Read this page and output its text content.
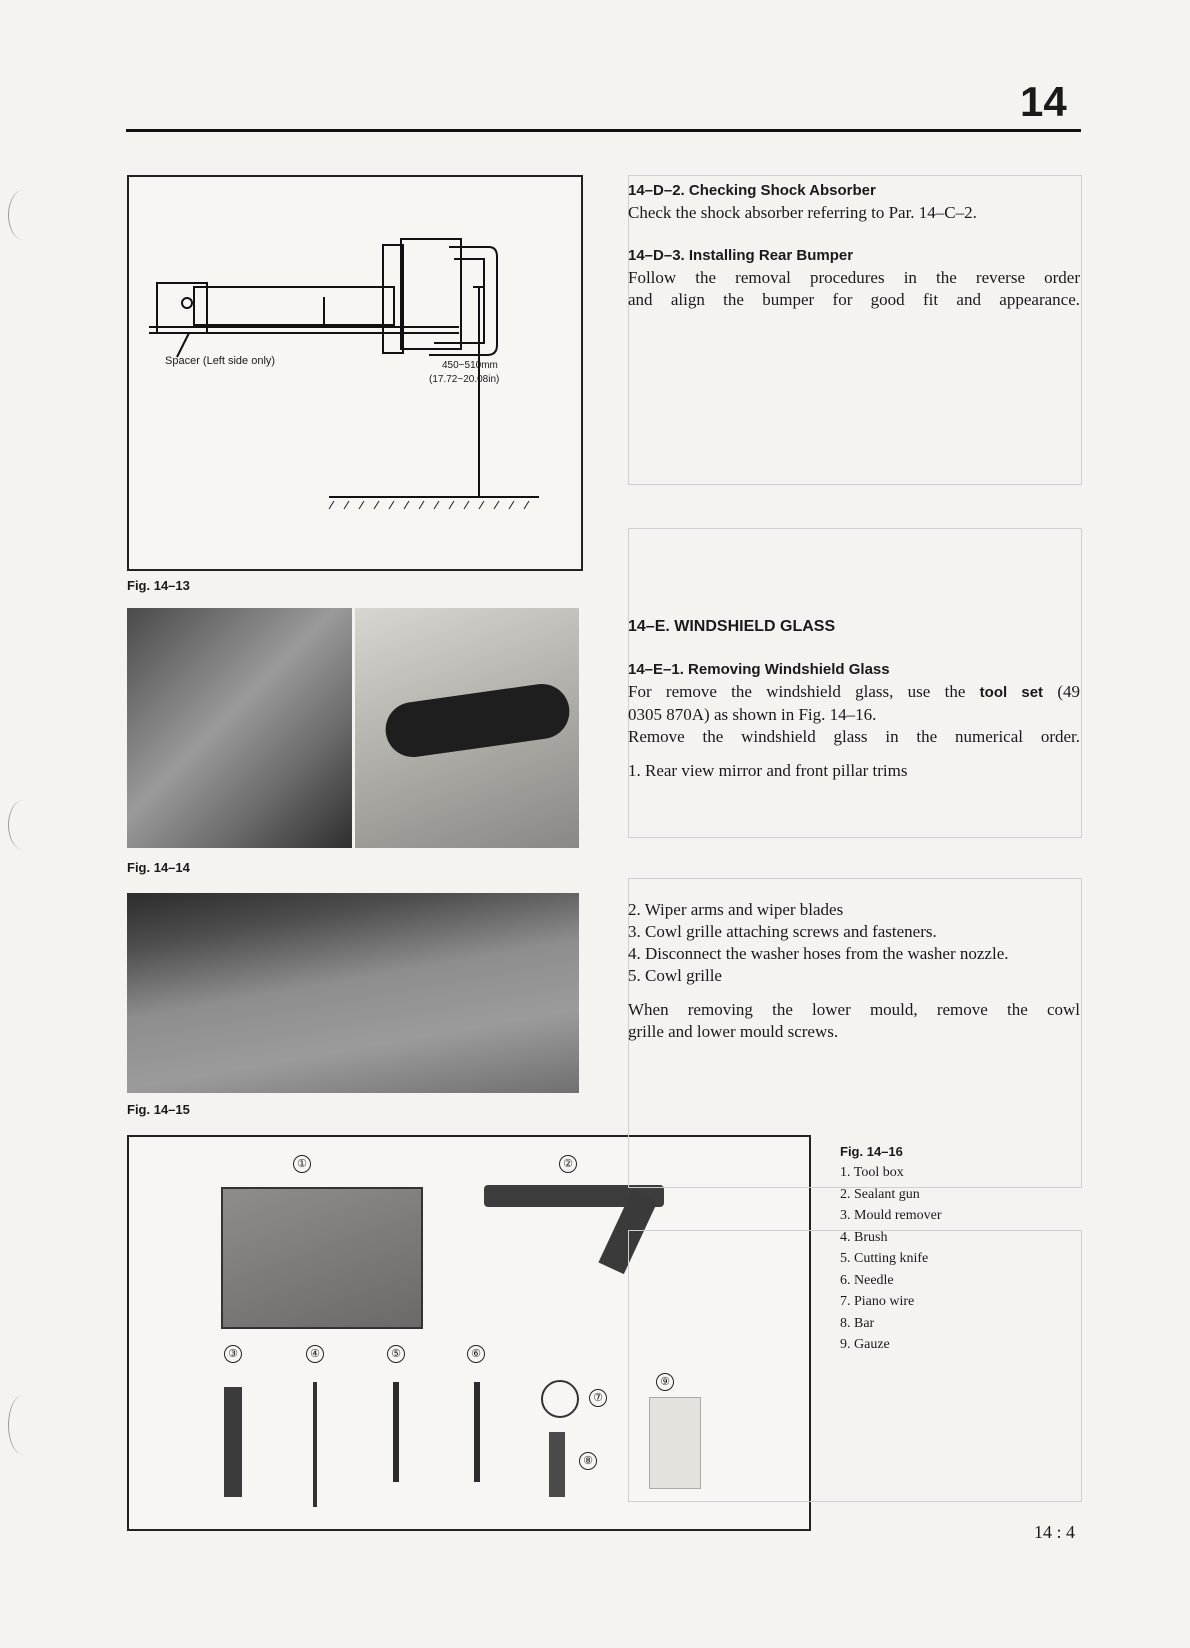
14
Spacer (Left side only)	450~510mm
(17.72~20.08in)
Fig. 14–13
Fig. 14–14
Fig. 14–15
①	②
③	④	⑤	⑥
⑦
⑧
⑨
Fig. 14–16
1. Tool box
2. Sealant gun
3. Mould remover
4. Brush
5. Cutting knife
6. Needle
7. Piano wire
8. Bar
9. Gauze
14–D–2. Checking Shock Absorber

Check the shock absorber referring to Par. 14–C–2.

14–D–3. Installing Rear Bumper
Follow the removal procedures in the reverse order
and align the bumper for good fit and appearance.
14–E. WINDSHIELD GLASS
14–E–1. Removing Windshield Glass
For remove the windshield glass, use the tool set (49

0305 870A) as shown in Fig. 14–16.

Remove the windshield glass in the numerical order.

1. Rear view mirror and front pillar trims

2. Wiper arms and wiper blades

3. Cowl grille attaching screws and fasteners.

4. Disconnect the washer hoses from the washer nozzle.

5. Cowl grille

When removing the lower mould, remove the cowl

grille and lower mould screws.

14 : 4
